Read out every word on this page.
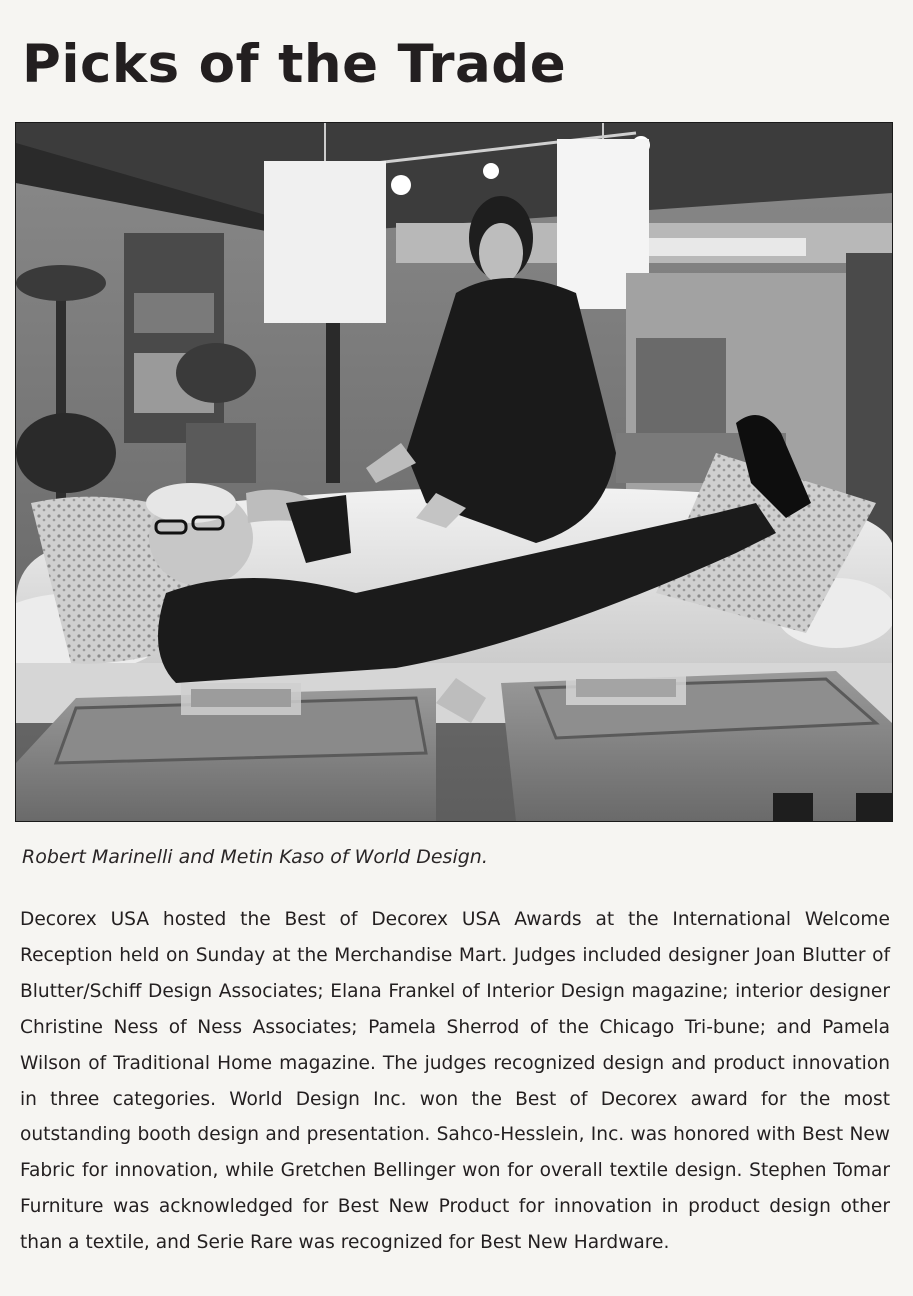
Picks of the Trade

Robert Marinelli and Metin Kaso of World Design.

Decorex USA hosted the Best of Decorex USA Awards at the International Welcome Reception held on Sunday at the Merchandise Mart. Judges included designer Joan Blutter of Blutter/Schiff Design Associates; Elana Frankel of Interior Design magazine; interior designer Christine Ness of Ness Associates; Pamela Sherrod of the Chicago Tri-bune; and Pamela Wilson of Traditional Home magazine. The judges recognized design and product innovation in three categories. World Design Inc. won the Best of Decorex award for the most outstanding booth design and presentation. Sahco-Hesslein, Inc. was honored with Best New Fabric for innovation, while Gretchen Bellinger won for overall textile design. Stephen Tomar Furniture was acknowledged for Best New Product for innovation in product design other than a textile, and Serie Rare was recognized for Best New Hardware.
